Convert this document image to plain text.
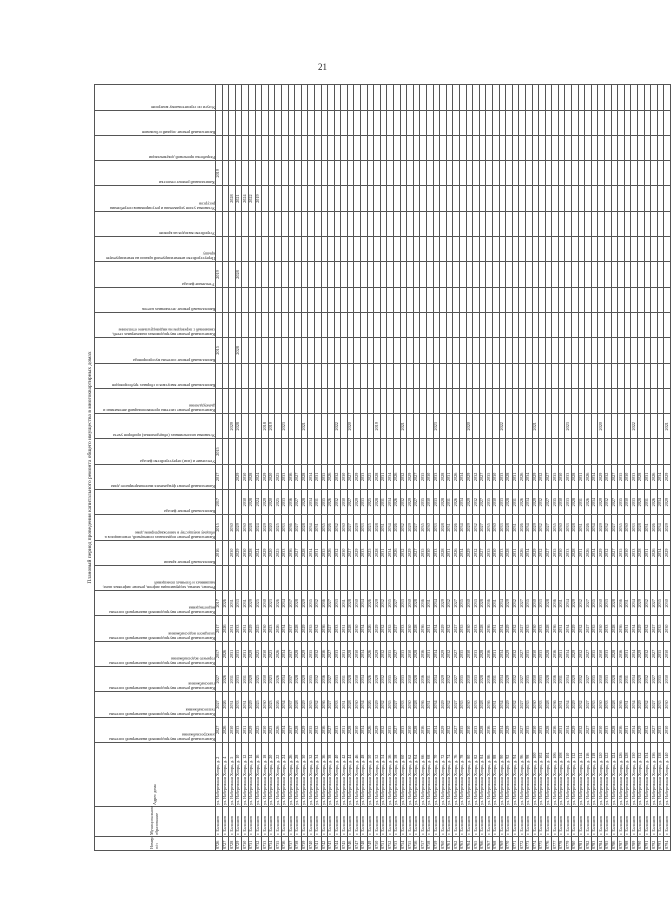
21
Плановый период проведения капитального ремонта общего имущества в многоквартирных домах
Номер п/п	Муниципальное образование	Адрес дома	Капитальный ремонт внутридомовой инженерной системы электроснабжения	Капитальный ремонт внутридомовой инженерной системы теплоснабжения	Капитальный ремонт внутридомовой инженерной системы газоснабжения	Капитальный ремонт внутридомовой инженерной системы горячего водоснабжения	Капитальный ремонт внутридомовой инженерной системы холодного водоснабжения	Капитальный ремонт внутридомовой инженерной системы водоотведения	Ремонт, замена, модернизация лифтов, ремонт лифтовых шахт, машинных и блочных помещений	Капитальный ремонт крыши	Капитальный ремонт подвальных помещений, относящихся к общему имуществу в многоквартирном доме	Капитальный ремонт фасада	Капитальный ремонт фундамента многоквартирного дома	Утепление и (или) переустройство фасада	Установка коллективных (общедомовых) приборов учета	Капитальный ремонт системы противопожарной автоматики и дымоудаления	Капитальный ремонт выпусков и сборных трубопроводов	Капитальный ремонт системы мусоропровода	Капитальный ремонт внутридомовых инженерных сетей, связанный с переводом на индивидуальное отопление	Капитальный ремонт лестничных клеток	Утепление фасада	Переустройство невентилируемой крыши на вентилируемую крышу	Устройство выходов на кровлю	Установка узлов управления и регулирования потребления ресурсов	Капитальный ремонт отмостки	Разработка проектной документации	Капитальный ремонт лоджий и балконов	Услуги по строительному контролю

8726	г. Балашов	ул. Набережная Хопра, д. 2	2027	2027	2027	2017	2017	2017		2016	2015	2017	2017	2015				2015			2019				2019			
8727	г. Балашов	ул. Набережная Хопра, д. 4	2026	2026	2026	2026	2026	2026																				
8728	г. Балашов	ул. Набережная Хопра, д. 5	2030	2031	2031	2031	2031	2031		2030	2030				2029									2028				
8729	г. Балашов	ул. Набережная Хопра, д. 10	2033	2033	2033	2033	2033	2033		2029	2029		2029		2028			2028			2028			2021				
8730	г. Балашов	ул. Набережная Хопра, д. 12	2031	2031	2031	2031	2031	2031		2030	2030	2030	2030											2024				
8731	г. Балашов	ул. Набережная Хопра, д. 14	2029	2029	2029	2029	2029	2029		2028	2028	2028	2028											2022				
8732	г. Балашов	ул. Набережная Хопра, д. 16	2025	2025	2025	2025	2025	2025		2024	2024	2024	2024											2019				
8733	г. Балашов	ул. Набережная Хопра, д. 18	2030	2030	2030	2030	2030	2030		2029	2029	2029	2029		2018													
8734	г. Балашов	ул. Набережная Хопра, д. 20	2023	2023	2023	2023	2023	2023		2020	2020	2020	2020		2019													
8735	г. Балашов	ул. Набережная Хопра, д. 22	2026	2026	2026	2026	2026	2026		2025	2025	2025	2025															
8736	г. Балашов	ул. Набережная Хопра, д. 24	2034	2034	2034	2034	2034	2034		2033	2033	2033	2033		2023													
8737	г. Балашов	ул. Набережная Хопра, д. 26	2037	2037	2037	2037	2037	2037		2036	2036	2036	2036															
8738	г. Балашов	ул. Набережная Хопра, д. 28	2028	2028	2028	2028	2028	2028		2027	2027	2027	2027															
8739	г. Балашов	ул. Набережная Хопра, д. 30	2029	2029	2029	2029	2029	2029		2028	2028	2028	2028		2021													
8740	г. Балашов	ул. Набережная Хопра, д. 32	2035	2035	2035	2035	2035	2035		2034	2034	2034	2034															
8741	г. Балашов	ул. Набережная Хопра, д. 34	2032	2032	2032	2032	2032	2032		2031	2031	2031	2031															
8742	г. Балашов	ул. Набережная Хопра, д. 36	2036	2036	2036	2036	2036	2036		2035	2035	2035	2035															
8743	г. Балашов	ул. Набережная Хопра, д. 38	2027	2027	2027	2027	2027	2027		2026	2026	2026	2026															
8744	г. Балашов	ул. Набережная Хопра, д. 40	2033	2033	2033	2033	2033	2033		2032	2032	2032	2032		2022													
8745	г. Балашов	ул. Набережная Хопра, д. 42	2031	2031	2031	2031	2031	2031		2030	2030	2030	2030															
8746	г. Балашов	ул. Набережная Хопра, д. 44	2028	2028	2028	2028	2028	2028		2027	2027	2027	2027		2020													
8747	г. Балашов	ул. Набережная Хопра, д. 46	2030	2030	2030	2030	2030	2030		2029	2029	2029	2029															
8748	г. Балашов	ул. Набережная Хопра, д. 48	2034	2034	2034	2034	2034	2034		2033	2033	2033	2033															
8749	г. Балашов	ул. Набережная Хопра, д. 50	2026	2026	2026	2026	2026	2026		2025	2025	2025	2025															
8750	г. Балашов	ул. Набережная Хопра, д. 52	2029	2029	2029	2029	2029	2029		2028	2028	2028	2028		2019													
8751	г. Балашов	ул. Набережная Хопра, д. 54	2032	2032	2032	2032	2032	2032		2031	2031	2031	2031															
8752	г. Балашов	ул. Набережная Хопра, д. 56	2035	2035	2035	2035	2035	2035		2034	2034	2034	2034															
8753	г. Балашов	ул. Набережная Хопра, д. 58	2027	2027	2027	2027	2027	2027		2026	2026	2026	2026															
8754	г. Балашов	ул. Набережная Хопра, д. 60	2033	2033	2033	2033	2033	2033		2032	2032	2032	2032		2021													
8755	г. Балашов	ул. Набережная Хопра, д. 62	2030	2030	2030	2030	2030	2030		2029	2029	2029	2029															
8756	г. Балашов	ул. Набережная Хопра, д. 64	2028	2028	2028	2028	2028	2028		2027	2027	2027	2027															
8757	г. Балашов	ул. Набережная Хопра, д. 66	2036	2036	2036	2036	2036	2036		2035	2035	2035	2035															
8758	г. Балашов	ул. Набережная Хопра, д. 68	2031	2031	2031	2031	2031	2031		2030	2030	2030	2030															
8759	г. Балашов	ул. Набережная Хопра, д. 70	2034	2034	2034	2034	2034	2034		2033	2033	2033	2033		2023													
8760	г. Балашов	ул. Набережная Хопра, д. 72	2029	2029	2029	2029	2029	2029		2028	2028	2028	2028															
8761	г. Балашов	ул. Набережная Хопра, д. 74	2032	2032	2032	2032	2032	2032		2031	2031	2031	2031															
8762	г. Балашов	ул. Набережная Хопра, д. 76	2027	2027	2027	2027	2027	2027		2026	2026	2026	2026															
8763	г. Балашов	ул. Набережная Хопра, д. 78	2035	2035	2035	2035	2035	2035		2034	2034	2034	2034															
8764	г. Балашов	ул. Набережная Хопра, д. 80	2030	2030	2030	2030	2030	2030		2029	2029	2029	2029		2020													
8765	г. Балашов	ул. Набережная Хопра, д. 82	2033	2033	2033	2033	2033	2033		2032	2032	2032	2032															
8766	г. Балашов	ул. Набережная Хопра, д. 84	2028	2028	2028	2028	2028	2028		2027	2027	2027	2027															
8767	г. Балашов	ул. Набережная Хопра, д. 86	2036	2036	2036	2036	2036	2036		2035	2035	2035	2035															
8768	г. Балашов	ул. Набережная Хопра, д. 88	2031	2031	2031	2031	2031	2031		2030	2030	2030	2030															
8769	г. Балашов	ул. Набережная Хопра, д. 90	2034	2034	2034	2034	2034	2034		2033	2033	2033	2033		2022													
8770	г. Балашов	ул. Набережная Хопра, д. 92	2029	2029	2029	2029	2029	2029		2028	2028	2028	2028															
8771	г. Балашов	ул. Набережная Хопра, д. 94	2032	2032	2032	2032	2032	2032		2031	2031	2031	2031															
8772	г. Балашов	ул. Набережная Хопра, д. 96	2027	2027	2027	2027	2027	2027		2026	2026	2026	2026															
8773	г. Балашов	ул. Набережная Хопра, д. 98	2035	2035	2035	2035	2035	2035		2034	2034	2034	2034															
8774	г. Балашов	ул. Набережная Хопра, д. 100	2030	2030	2030	2030	2030	2030		2029	2029	2029	2029		2021													
8775	г. Балашов	ул. Набережная Хопра, д. 102	2033	2033	2033	2033	2033	2033		2032	2032	2032	2032															
8776	г. Балашов	ул. Набережная Хопра, д. 104	2028	2028	2028	2028	2028	2028		2027	2027	2027	2027															
8777	г. Балашов	ул. Набережная Хопра, д. 106	2036	2036	2036	2036	2036	2036		2035	2035	2035	2035															
8778	г. Балашов	ул. Набережная Хопра, д. 108	2031	2031	2031	2031	2031	2031		2030	2030	2030	2030															
8779	г. Балашов	ул. Набережная Хопра, д. 110	2034	2034	2034	2034	2034	2034		2033	2033	2033	2033		2023													
8780	г. Балашов	ул. Набережная Хопра, д. 112	2029	2029	2029	2029	2029	2029		2028	2028	2028	2028															
8781	г. Балашов	ул. Набережная Хопра, д. 114	2032	2032	2032	2032	2032	2032		2031	2031	2031	2031															
8782	г. Балашов	ул. Набережная Хопра, д. 116	2027	2027	2027	2027	2027	2027		2026	2026	2026	2026															
8783	г. Балашов	ул. Набережная Хопра, д. 118	2035	2035	2035	2035	2035	2035		2034	2034	2034	2034															
8784	г. Балашов	ул. Набережная Хопра, д. 120	2030	2030	2030	2030	2030	2030		2029	2029	2029	2029		2020													
8785	г. Балашов	ул. Набережная Хопра, д. 122	2033	2033	2033	2033	2033	2033		2032	2032	2032	2032															
8786	г. Балашов	ул. Набережная Хопра, д. 124	2028	2028	2028	2028	2028	2028		2027	2027	2027	2027															
8787	г. Балашов	ул. Набережная Хопра, д. 126	2036	2036	2036	2036	2036	2036		2035	2035	2035	2035															
8788	г. Балашов	ул. Набережная Хопра, д. 128	2031	2031	2031	2031	2031	2031		2030	2030	2030	2030															
8789	г. Балашов	ул. Набережная Хопра, д. 130	2034	2034	2034	2034	2034	2034		2033	2033	2033	2033		2022													
8790	г. Балашов	ул. Набережная Хопра, д. 132	2029	2029	2029	2029	2029	2029		2028	2028	2028	2028															
8791	г. Балашов	ул. Набережная Хопра, д. 134	2032	2032	2032	2032	2032	2032		2031	2031	2031	2031															
8792	г. Балашов	ул. Набережная Хопра, д. 136	2027	2027	2027	2027	2027	2027		2026	2026	2026	2026															
8793	г. Балашов	ул. Набережная Хопра, д. 138	2035	2035	2035	2035	2035	2035		2034	2034	2034	2034															
8794	г. Балашов	ул. Набережная Хопра, д. 140	2030	2030	2030	2030	2030	2030		2029	2029	2029	2029		2021													
